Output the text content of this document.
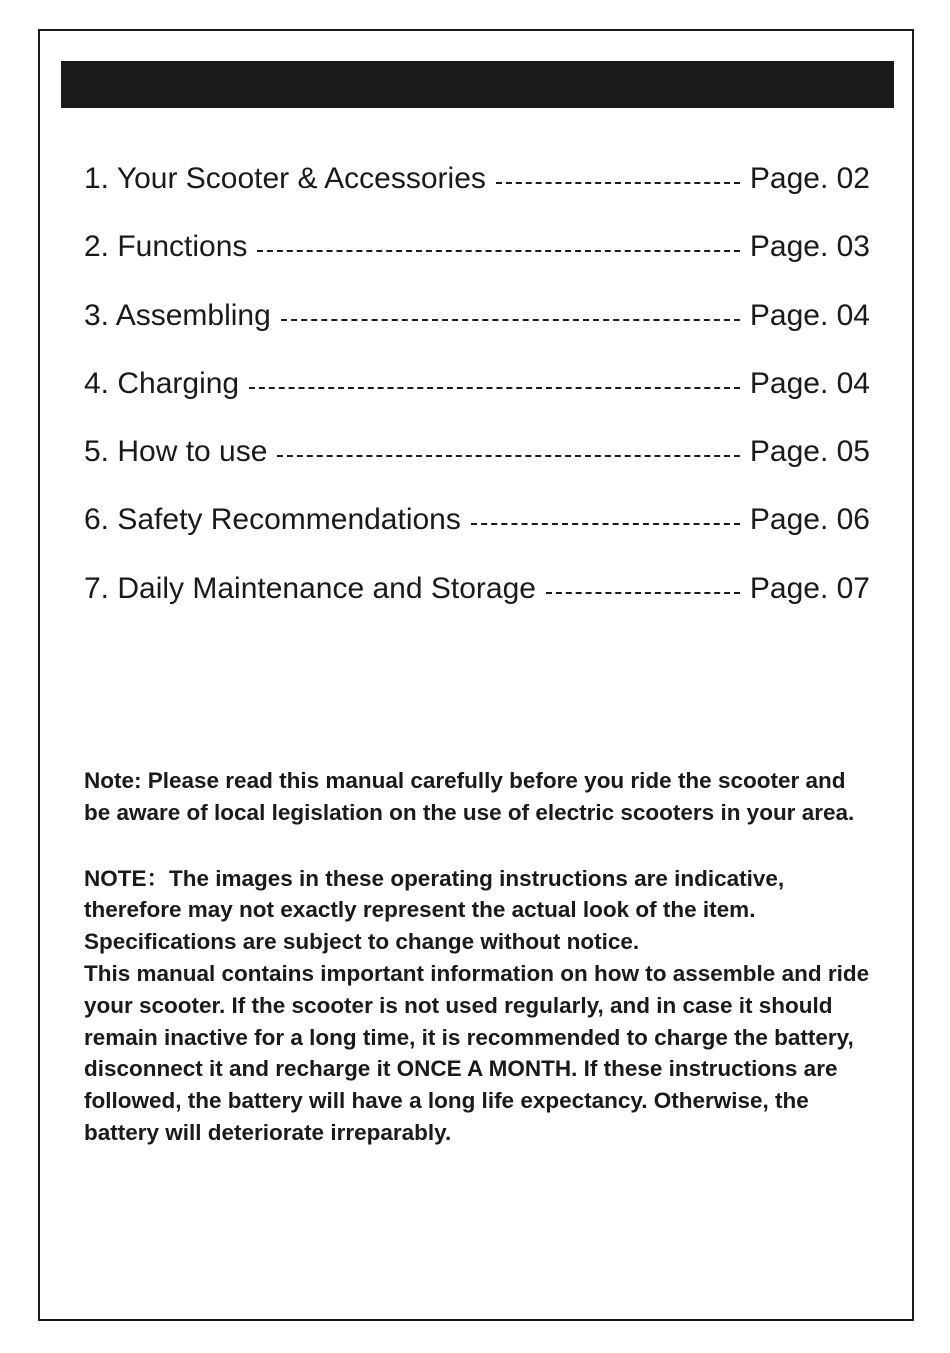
1. Your Scooter & Accessories	Page. 02
2. Functions	Page. 03
3. Assembling	Page. 04
4. Charging	Page. 04
5. How to use	Page. 05
6. Safety Recommendations	Page. 06
7. Daily Maintenance and Storage	Page. 07

Note: Please read this manual carefully before you ride the scooter and be aware of local legislation on the use of electric scooters in your area.

NOTE：The images in these operating instructions are indicative, therefore may not exactly represent the actual look of the item. Specifications are subject to change without notice.

This manual contains important information on how to assemble and ride your scooter. If the scooter is not used regularly, and in case it should remain inactive for a long time, it is recommended to charge the battery, disconnect it and recharge it ONCE A MONTH. If these instructions are followed, the battery will have a long life expectancy. Otherwise, the battery will deteriorate irreparably.
